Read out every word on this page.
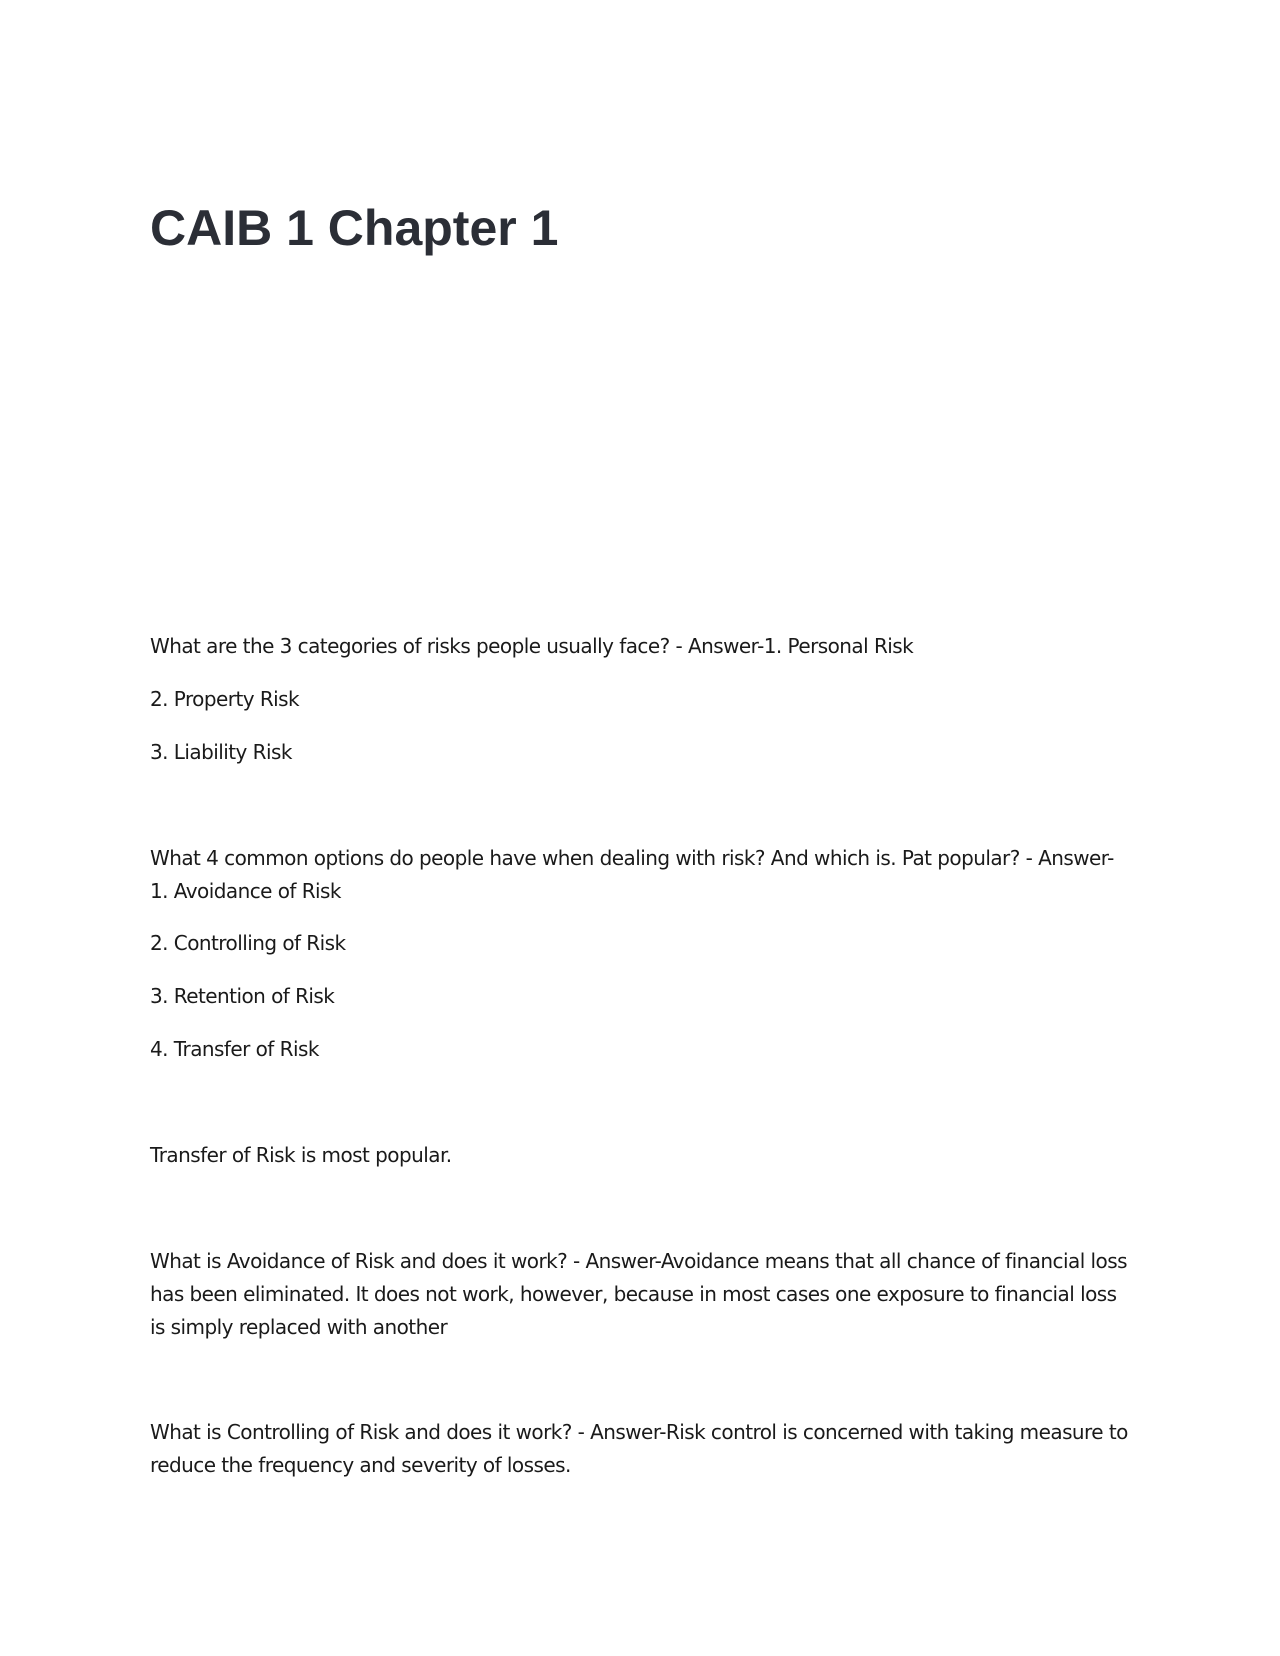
CAIB 1 Chapter 1

What are the 3 categories of risks people usually face? - Answer-1. Personal Risk

2. Property Risk

3. Liability Risk

What 4 common options do people have when dealing with risk? And which is. Pat popular? - Answer-1. Avoidance of Risk

2. Controlling of Risk

3. Retention of Risk

4. Transfer of Risk

Transfer of Risk is most popular.

What is Avoidance of Risk and does it work? - Answer-Avoidance means that all chance of financial loss has been eliminated. It does not work, however, because in most cases one exposure to financial loss is simply replaced with another

What is Controlling of Risk and does it work? - Answer-Risk control is concerned with taking measure to reduce the frequency and severity of losses.
